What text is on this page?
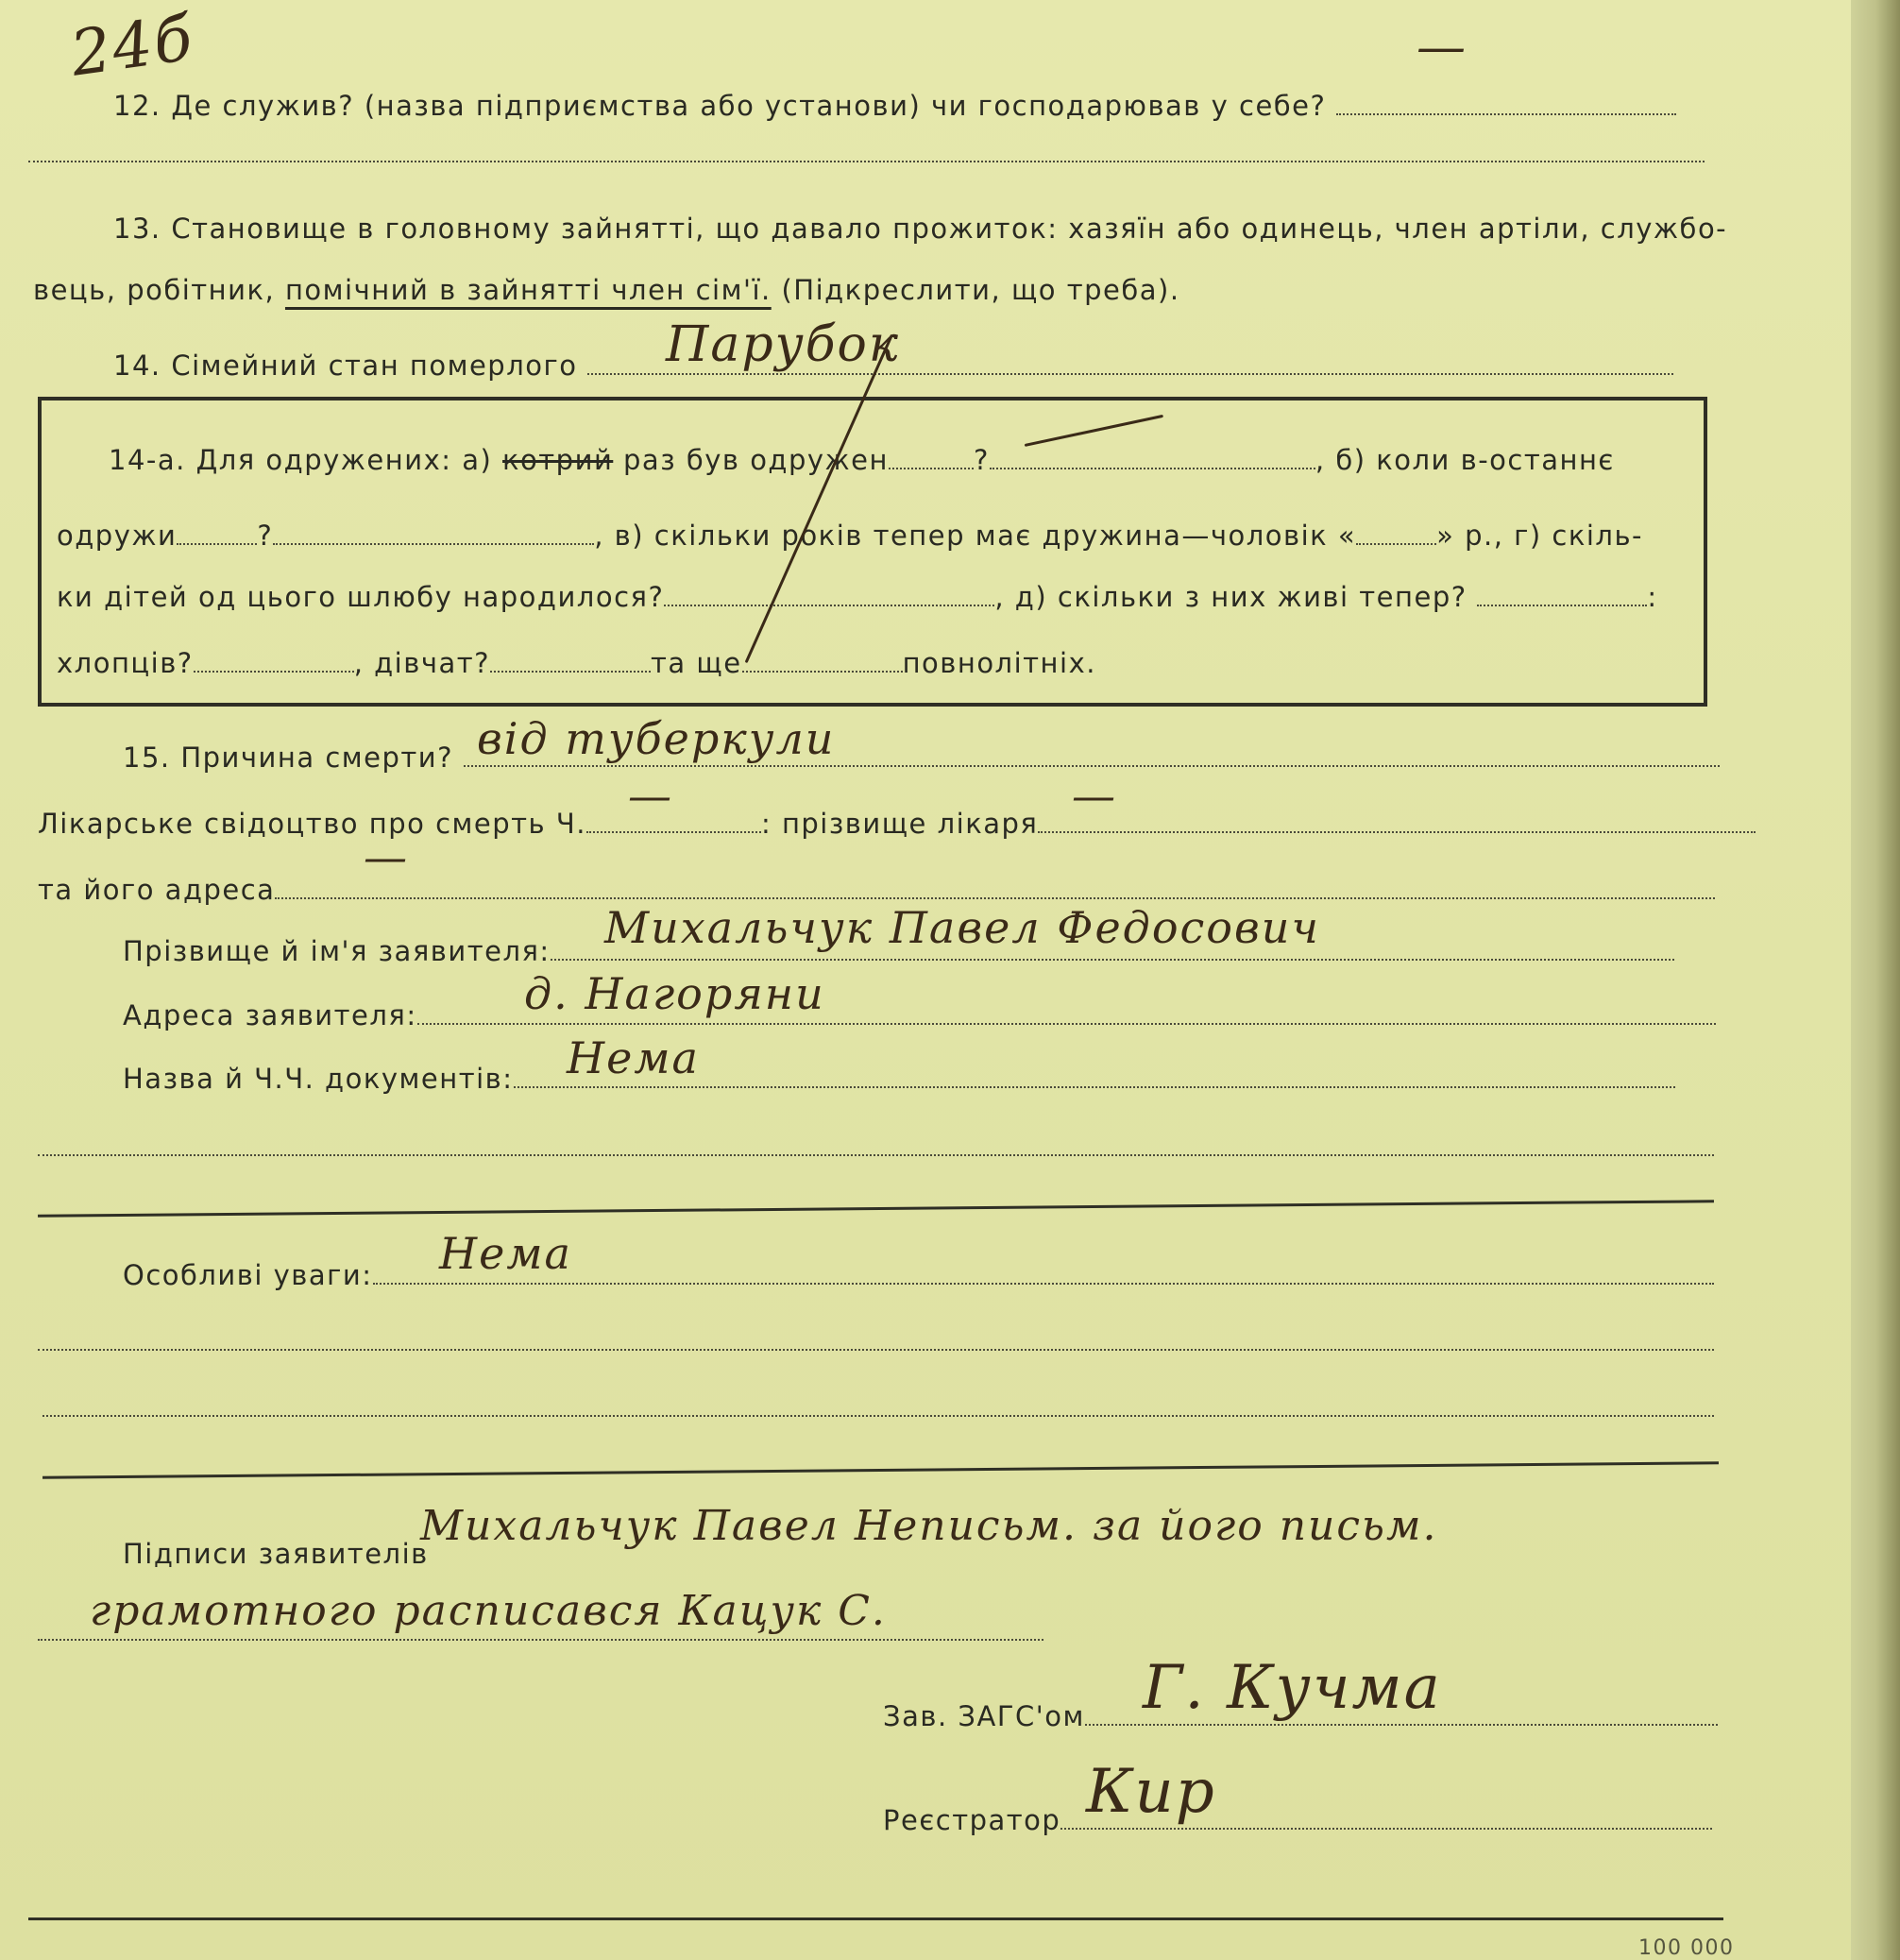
24б
12. Де служив? (назва підприємства або установи) чи господарював у себе?
—
13. Становище в головному зайнятті, що давало прожиток: хазяїн або одинець, член артіли, службо-
вець, робітник, помічний в зайнятті член сім'ї. (Підкреслити, що треба).
14. Сімейний стан померлого	Парубок
14-а. Для одружених: а) котрий раз був одружен	?	, б) коли в-останнє
одружи	?	, в) скільки років тепер має дружина—чоловік «	» р., г) скіль-
ки дітей од цього шлюбу народилося?	, д) скільки з них живі тепер?	:
хлопців?	, дівчат?	та ще	повнолітніх.
15. Причина смерти? від туберкули
Лікарське свідоцтво про смерть Ч.	: прізвище лікаря
—	—
та його адреса
—
Прізвище й ім'я заявителя:	Михальчук Павел Федосович
Адреса заявителя:	д. Нагоряни
Назва й Ч.Ч. документів:	Нема
Особливі уваги:	Нема
Підписи заявителів
Михальчук Павел Неписьм. за його письм.
грамотного расписався Кацук С.
Зав. ЗАГС'ом Г. Кучма
Реєстратор Кир
100 000
